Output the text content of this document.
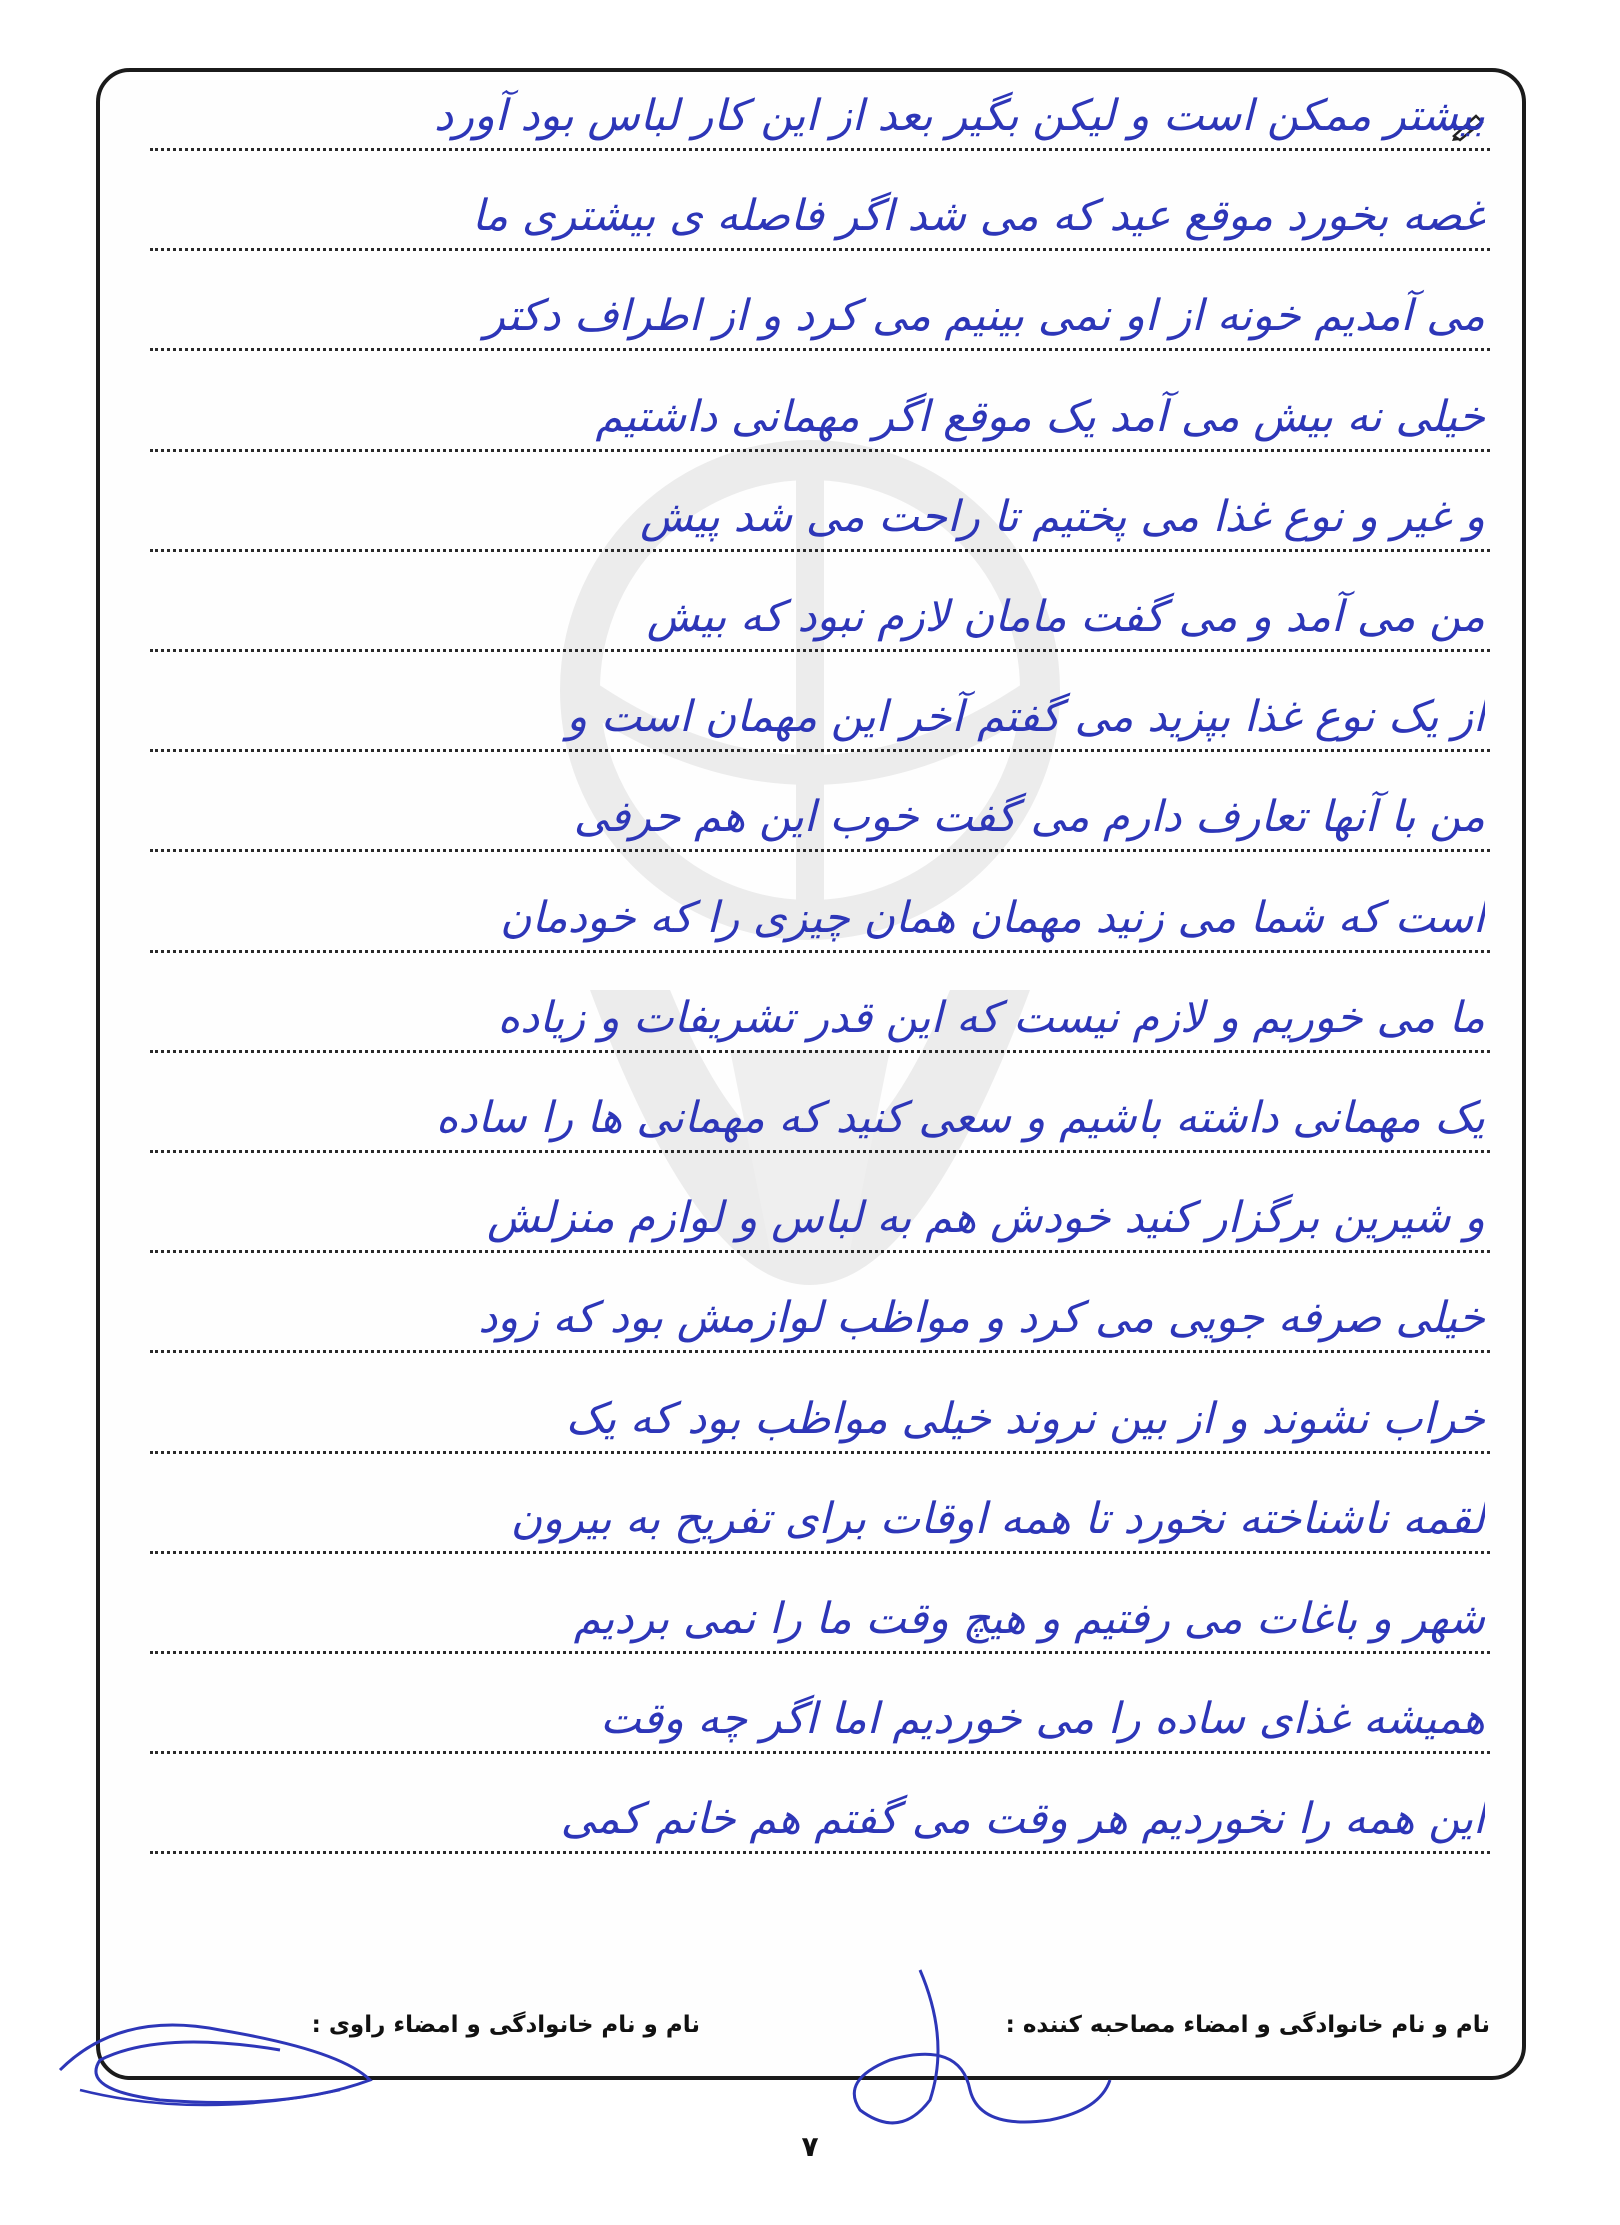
بیشتر ممکن است و لیکن بگیر بعد از این کار لباس بود آورد
غصه بخورد موقع عید که می شد اگر فاصله ی بیشتری ما
می آمدیم خونه از او نمی بینیم می کرد و از اطراف دکتر
خیلی نه بیش می آمد یک موقع اگر مهمانی داشتیم
و غیر و نوع غذا می پختیم تا راحت می شد پیش
من می آمد و می گفت مامان لازم نبود که بیش
از یک نوع غذا بپزید می گفتم آخر این مهمان است و
من با آنها تعارف دارم می گفت خوب این هم حرفی
است که شما می زنید مهمان همان چیزی را که خودمان
ما می خوریم و لازم نیست که این قدر تشریفات و زیاده
یک مهمانی داشته باشیم و سعی کنید که مهمانی ها را ساده
و شیرین برگزار کنید خودش هم به لباس و لوازم منزلش
خیلی صرفه جویی می کرد و مواظب لوازمش بود که زود
خراب نشوند و از بین نروند خیلی مواظب بود که یک
لقمه ناشناخته نخورد تا همه اوقات برای تفریح به بیرون
شهر و باغات می رفتیم و هیچ وقت ما را نمی بردیم
همیشه غذای ساده را می خوردیم اما اگر چه وقت
این همه را نخوردیم هر وقت می گفتم هم خانم کمی
نام و نام خانوادگی و امضاء مصاحبه کننده :
نام و نام خانوادگی و امضاء راوی :
۷
